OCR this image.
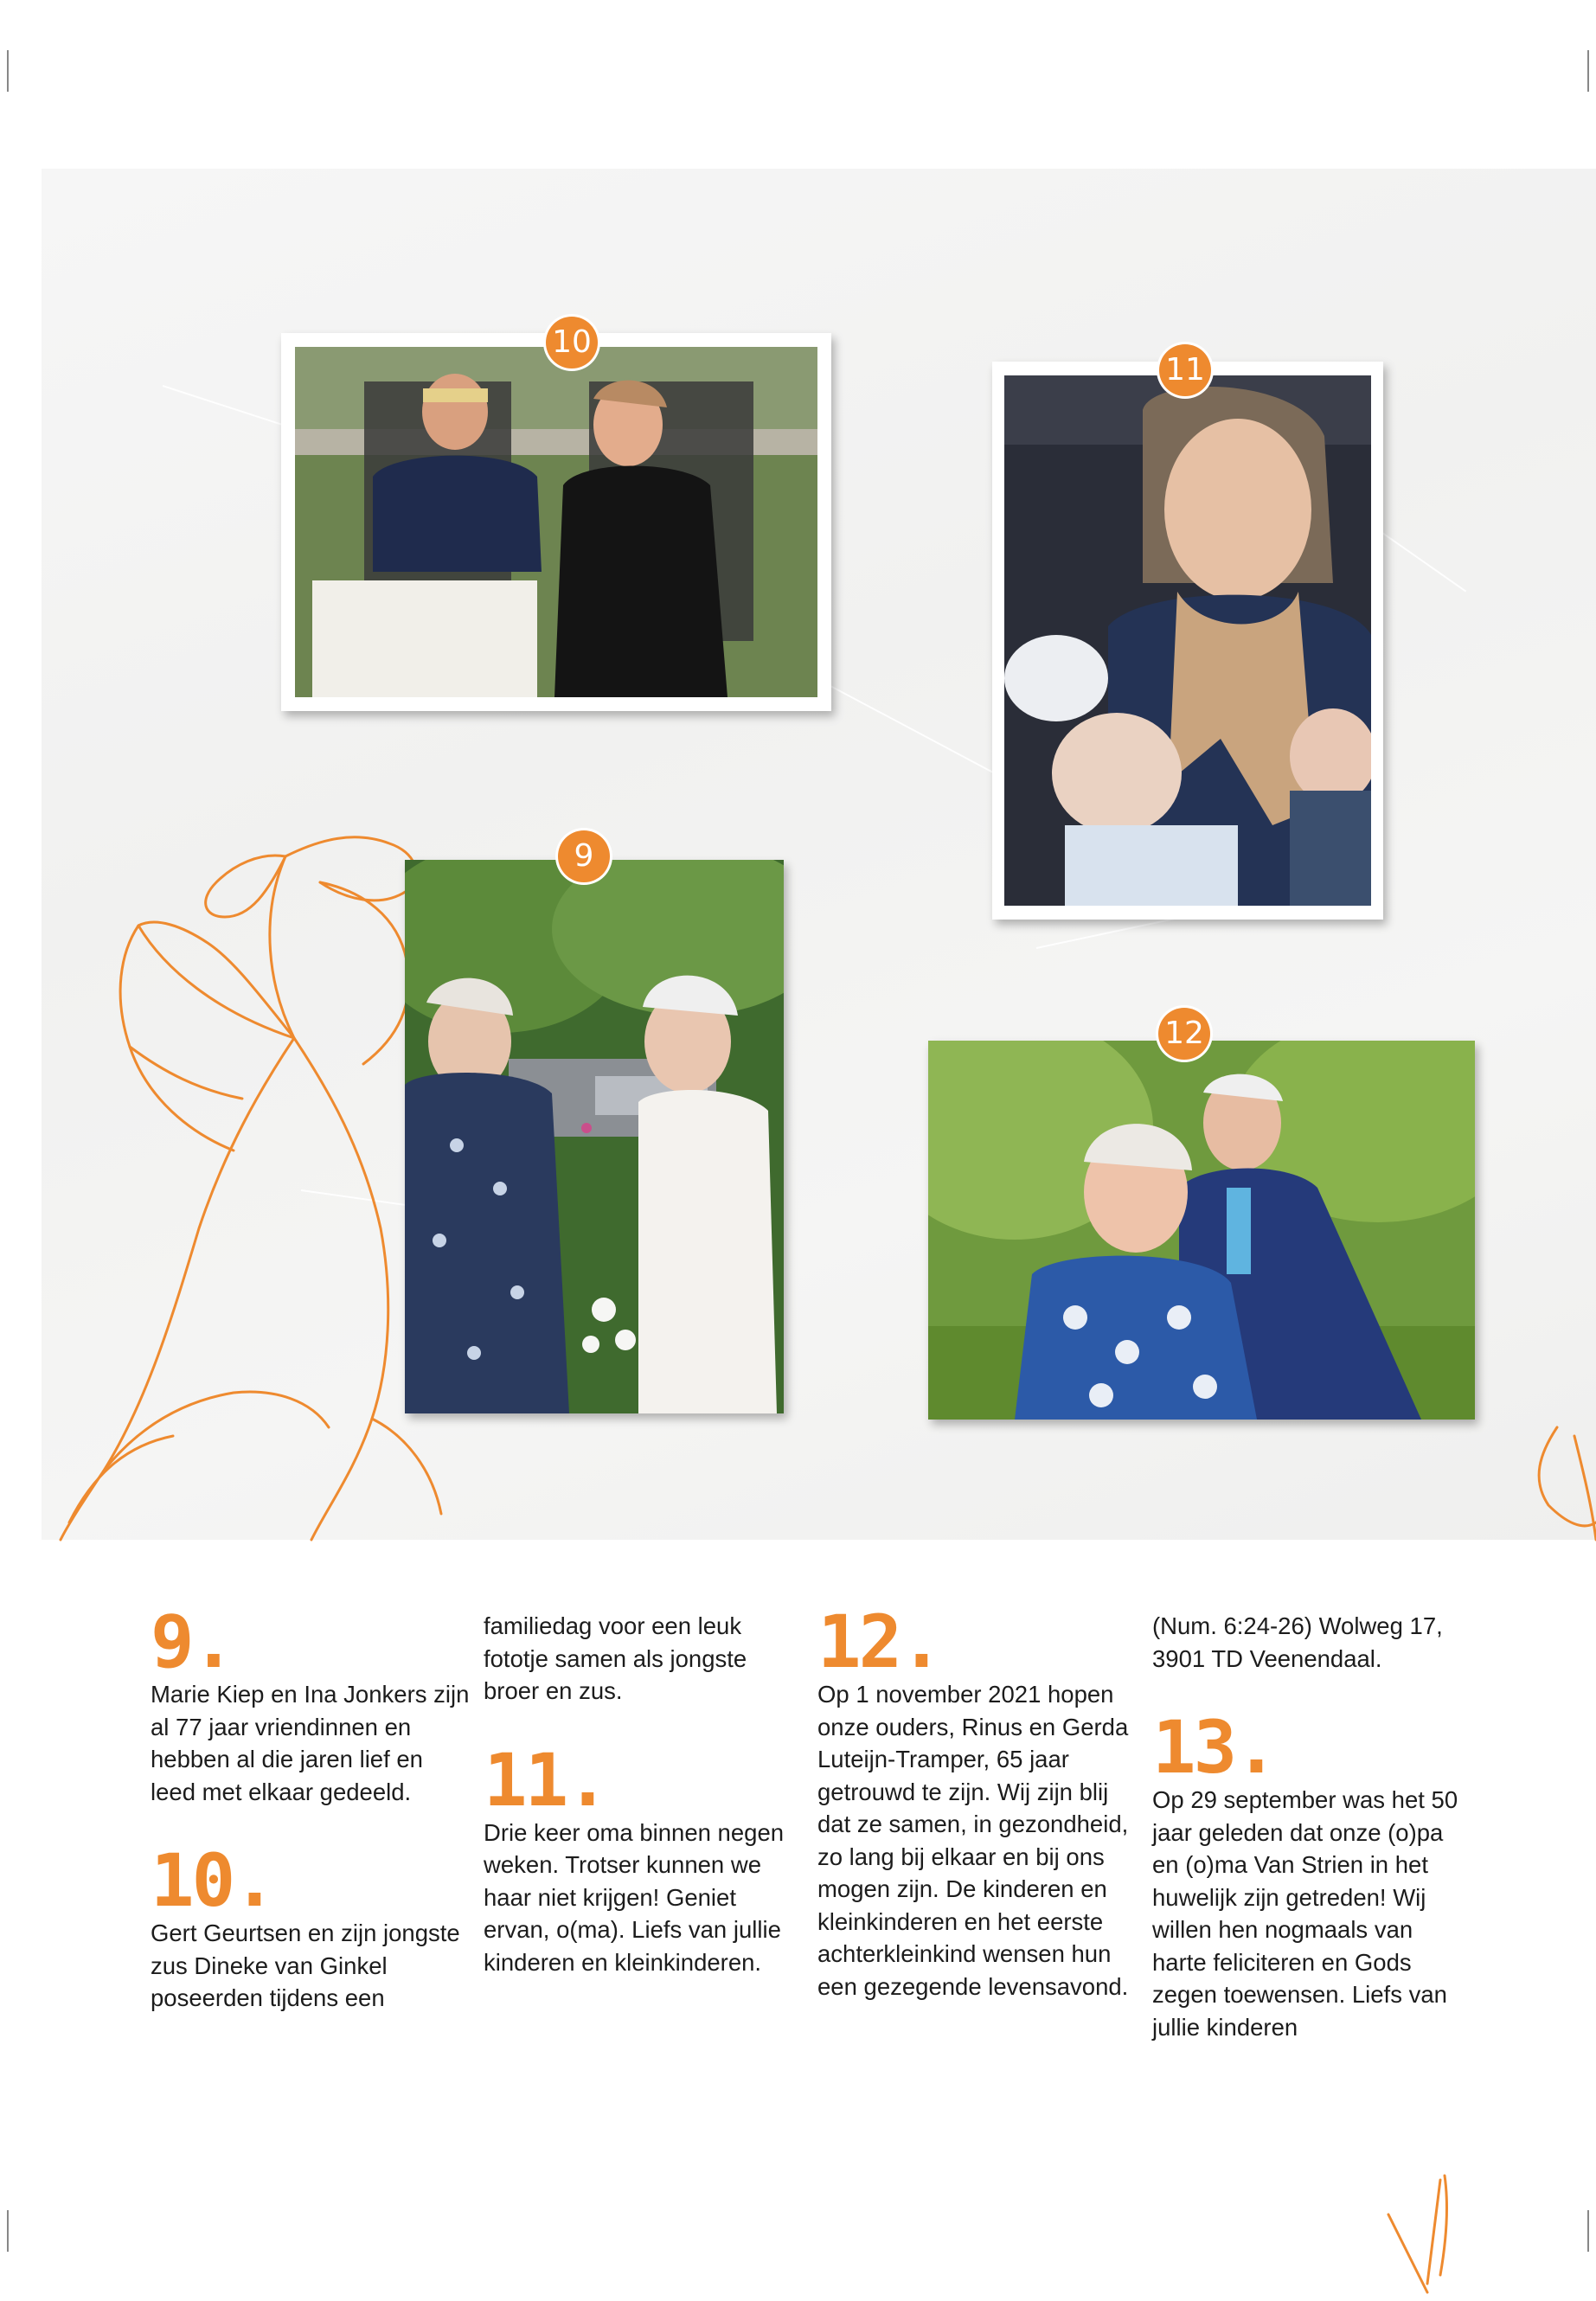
10
11
9
12
9.

Marie Kiep en Ina Jonkers zijn al 77 jaar vriendinnen en hebben al die jaren lief en leed met elkaar gedeeld.

10.

Gert Geurtsen en zijn jongste zus Dineke van Ginkel poseerden tijdens een

familiedag voor een leuk fototje samen als jongste broer en zus.

11.

Drie keer oma binnen negen weken. Trotser kunnen we haar niet krijgen! Geniet ervan, o(ma). Liefs van jullie kinderen en kleinkinderen.

12.

Op 1 november 2021 hopen onze ouders, Rinus en Gerda Luteijn-Tramper, 65 jaar getrouwd te zijn. Wij zijn blij dat ze samen, in gezondheid, zo lang bij elkaar en bij ons mogen zijn. De kinderen en kleinkinderen en het eerste achterkleinkind wensen hun een gezegende levensavond.

(Num. 6:24-26) Wolweg 17, 3901 TD Veenendaal.

13.

Op 29 september was het 50 jaar geleden dat onze (o)pa en (o)ma Van Strien in het huwelijk zijn getreden! Wij willen hen nogmaals van harte feliciteren en Gods zegen toewensen. Liefs van jullie kinderen
